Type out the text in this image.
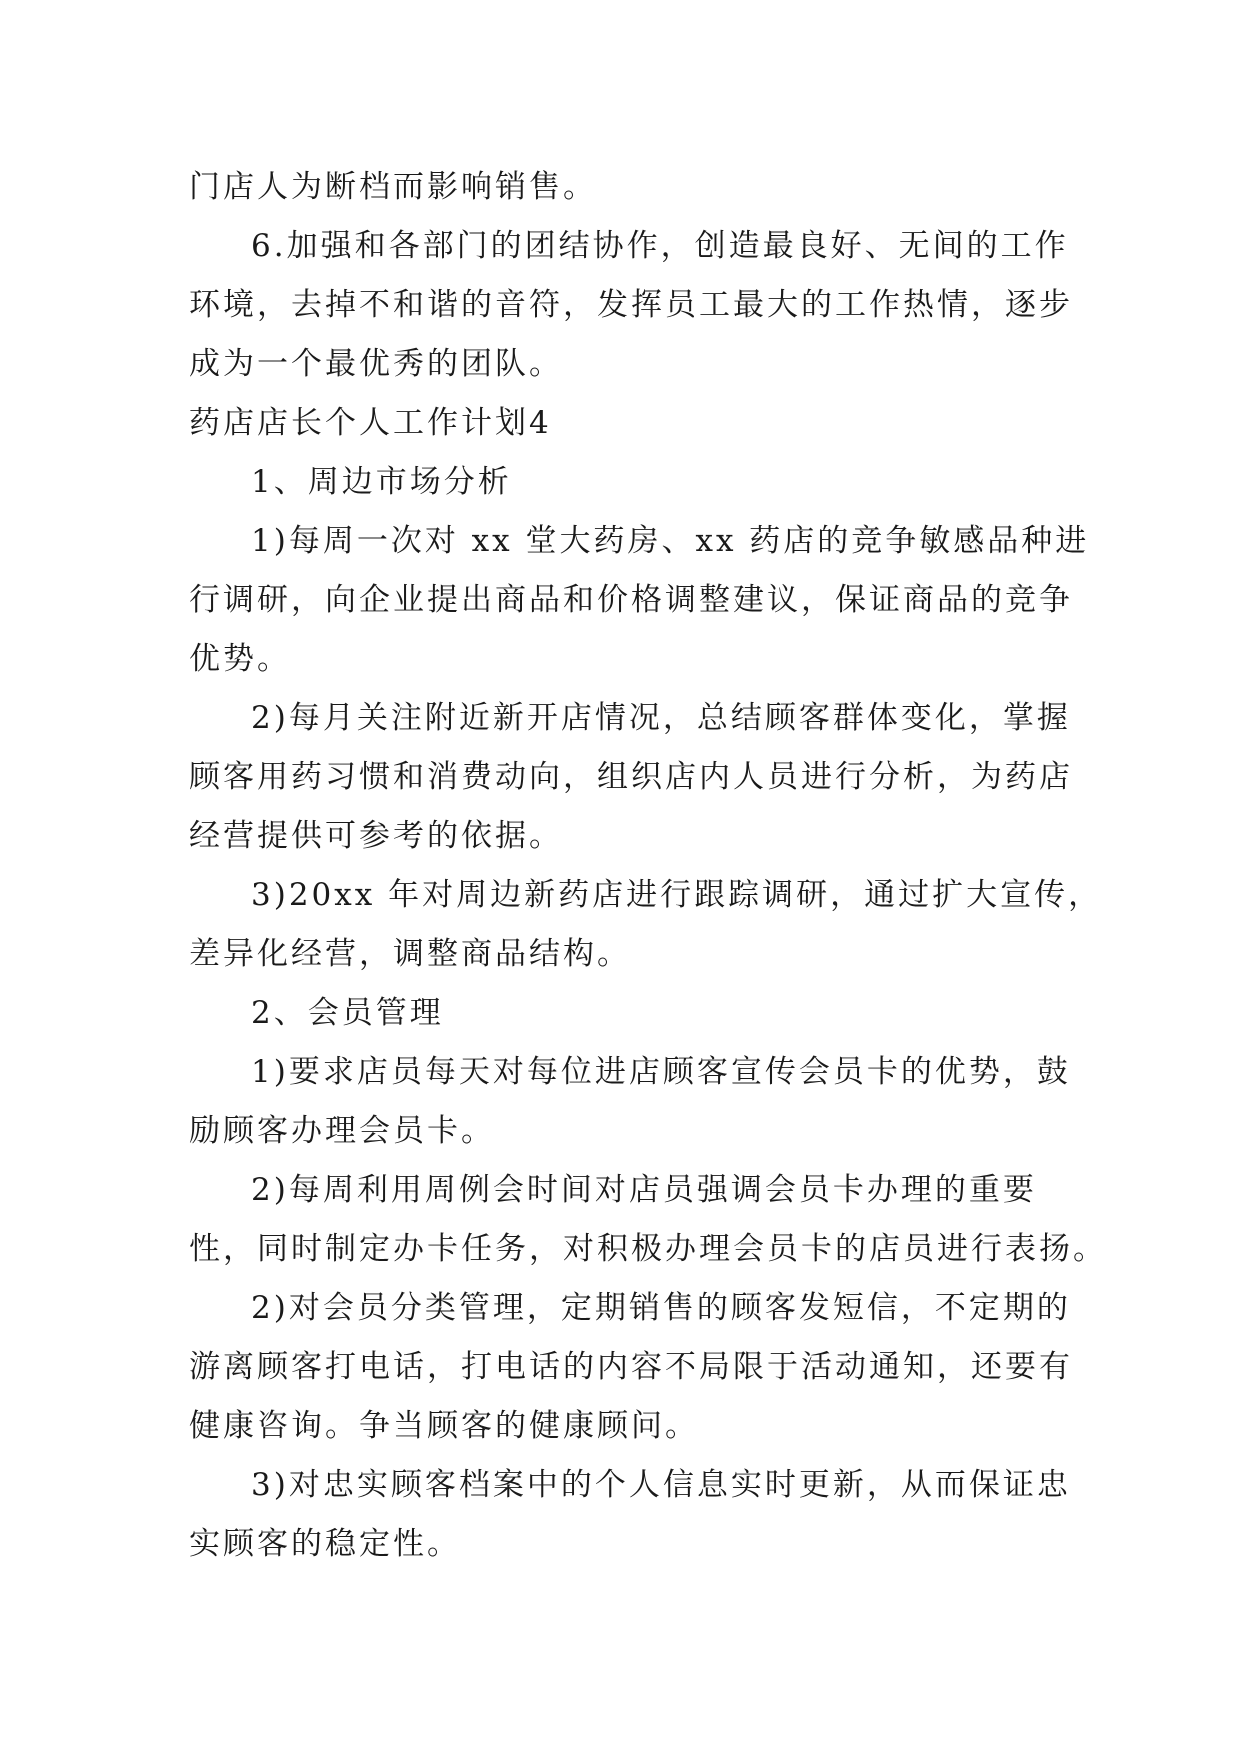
门店人为断档而影响销售。
6.加强和各部门的团结协作，创造最良好、无间的工作
环境，去掉不和谐的音符，发挥员工最大的工作热情，逐步
成为一个最优秀的团队。
药店店长个人工作计划4
1、周边市场分析
1)每周一次对 xx 堂大药房、xx 药店的竞争敏感品种进
行调研，向企业提出商品和价格调整建议，保证商品的竞争
优势。
2)每月关注附近新开店情况，总结顾客群体变化，掌握
顾客用药习惯和消费动向，组织店内人员进行分析，为药店
经营提供可参考的依据。
3)20xx 年对周边新药店进行跟踪调研，通过扩大宣传，
差异化经营，调整商品结构。
2、会员管理
1)要求店员每天对每位进店顾客宣传会员卡的优势，鼓
励顾客办理会员卡。
2)每周利用周例会时间对店员强调会员卡办理的重要
性，同时制定办卡任务，对积极办理会员卡的店员进行表扬。
2)对会员分类管理，定期销售的顾客发短信，不定期的
游离顾客打电话，打电话的内容不局限于活动通知，还要有
健康咨询。争当顾客的健康顾问。
3)对忠实顾客档案中的个人信息实时更新，从而保证忠
实顾客的稳定性。
